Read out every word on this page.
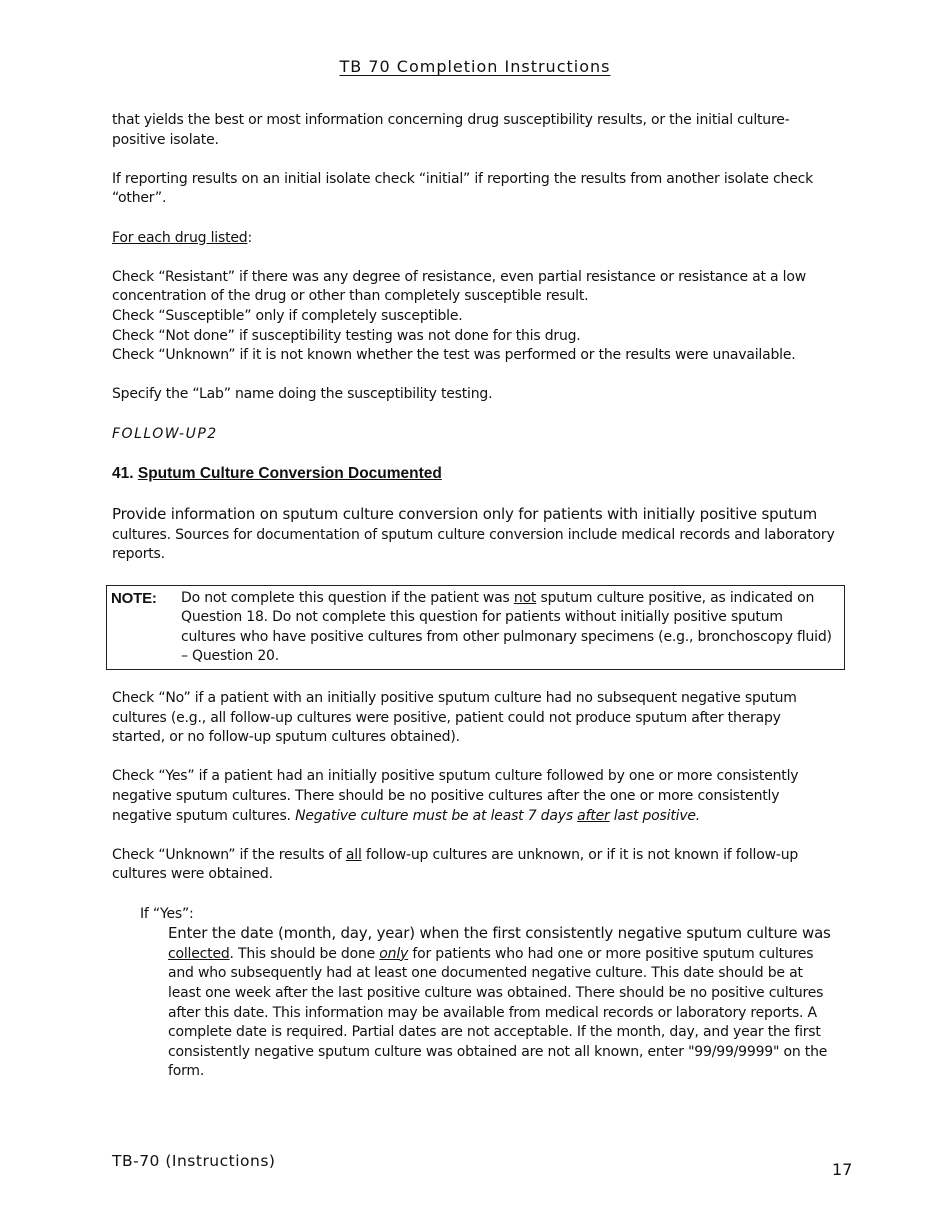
TB 70 Completion Instructions

that yields the best or most information concerning drug susceptibility results, or the initial culture-positive isolate.

If reporting results on an initial isolate check “initial” if reporting the results from another isolate check “other”.

For each drug listed:

Check “Resistant” if there was any degree of resistance, even partial resistance or resistance at a low concentration of the drug or other than completely susceptible result.
Check “Susceptible” only if completely susceptible.
Check “Not done” if susceptibility testing was not done for this drug.
Check “Unknown” if it is not known whether the test was performed or the results were unavailable.

Specify the “Lab” name doing the susceptibility testing.

FOLLOW-UP2
41. Sputum Culture Conversion Documented

Provide information on sputum culture conversion only for patients with initially positive sputum cultures. Sources for documentation of sputum culture conversion include medical records and laboratory reports.

NOTE:	Do not complete this question if the patient was not sputum culture positive, as indicated on Question 18. Do not complete this question for patients without initially positive sputum cultures who have positive cultures from other pulmonary specimens (e.g., bronchoscopy fluid) – Question 20.

Check “No” if a patient with an initially positive sputum culture had no subsequent negative sputum cultures (e.g., all follow-up cultures were positive, patient could not produce sputum after therapy started, or no follow-up sputum cultures obtained).

Check “Yes” if a patient had an initially positive sputum culture followed by one or more consistently negative sputum cultures. There should be no positive cultures after the one or more consistently negative sputum cultures. Negative culture must be at least 7 days after last positive.

Check “Unknown” if the results of all follow-up cultures are unknown, or if it is not known if follow-up cultures were obtained.

If “Yes”:
Enter the date (month, day, year) when the first consistently negative sputum culture was collected. This should be done only for patients who had one or more positive sputum cultures and who subsequently had at least one documented negative culture. This date should be at least one week after the last positive culture was obtained. There should be no positive cultures after this date. This information may be available from medical records or laboratory reports. A complete date is required. Partial dates are not acceptable. If the month, day, and year the first consistently negative sputum culture was obtained are not all known, enter "99/99/9999" on the form.
TB-70 (Instructions)	17
